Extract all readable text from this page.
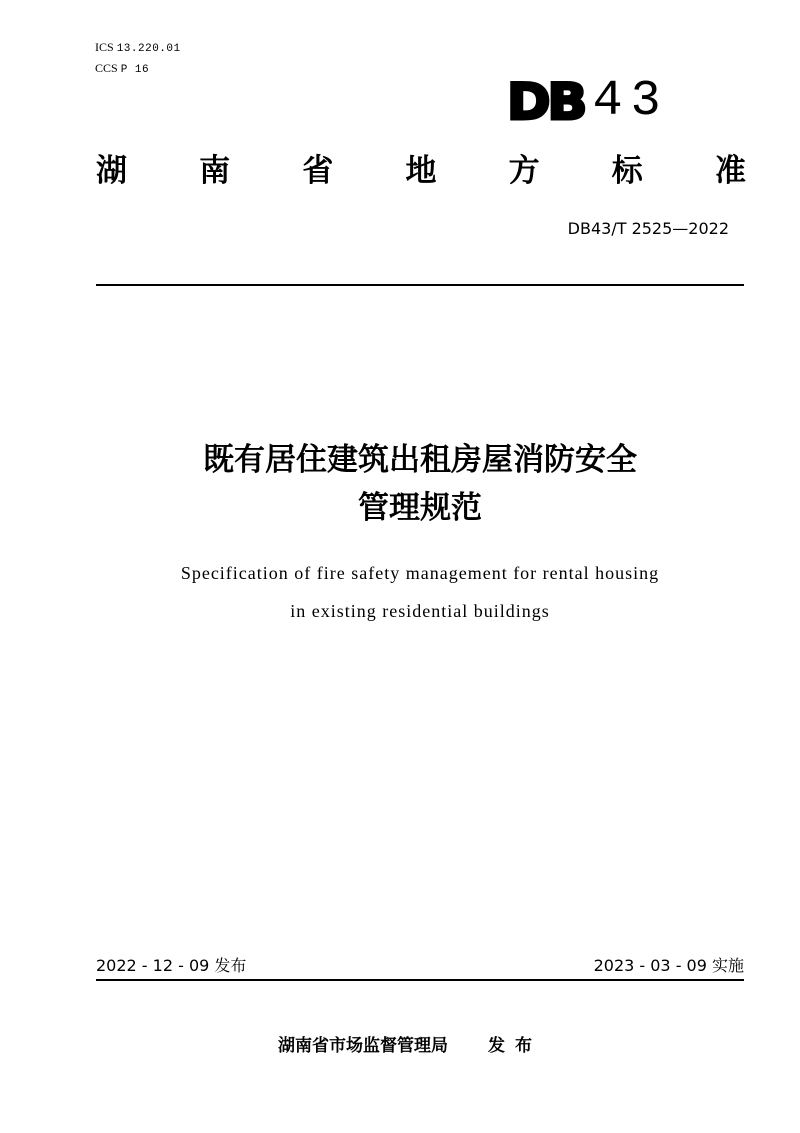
ICS 13.220.01
CCS P 16
DB 43
湖 南 省 地 方 标 准
DB43/T 2525—2022
既有居住建筑出租房屋消防安全
管理规范
Specification of fire safety management for rental housing
in existing residential buildings
2022 - 12 - 09 发布	2023 - 03 - 09 实施
湖南省市场监督管理局 发布
